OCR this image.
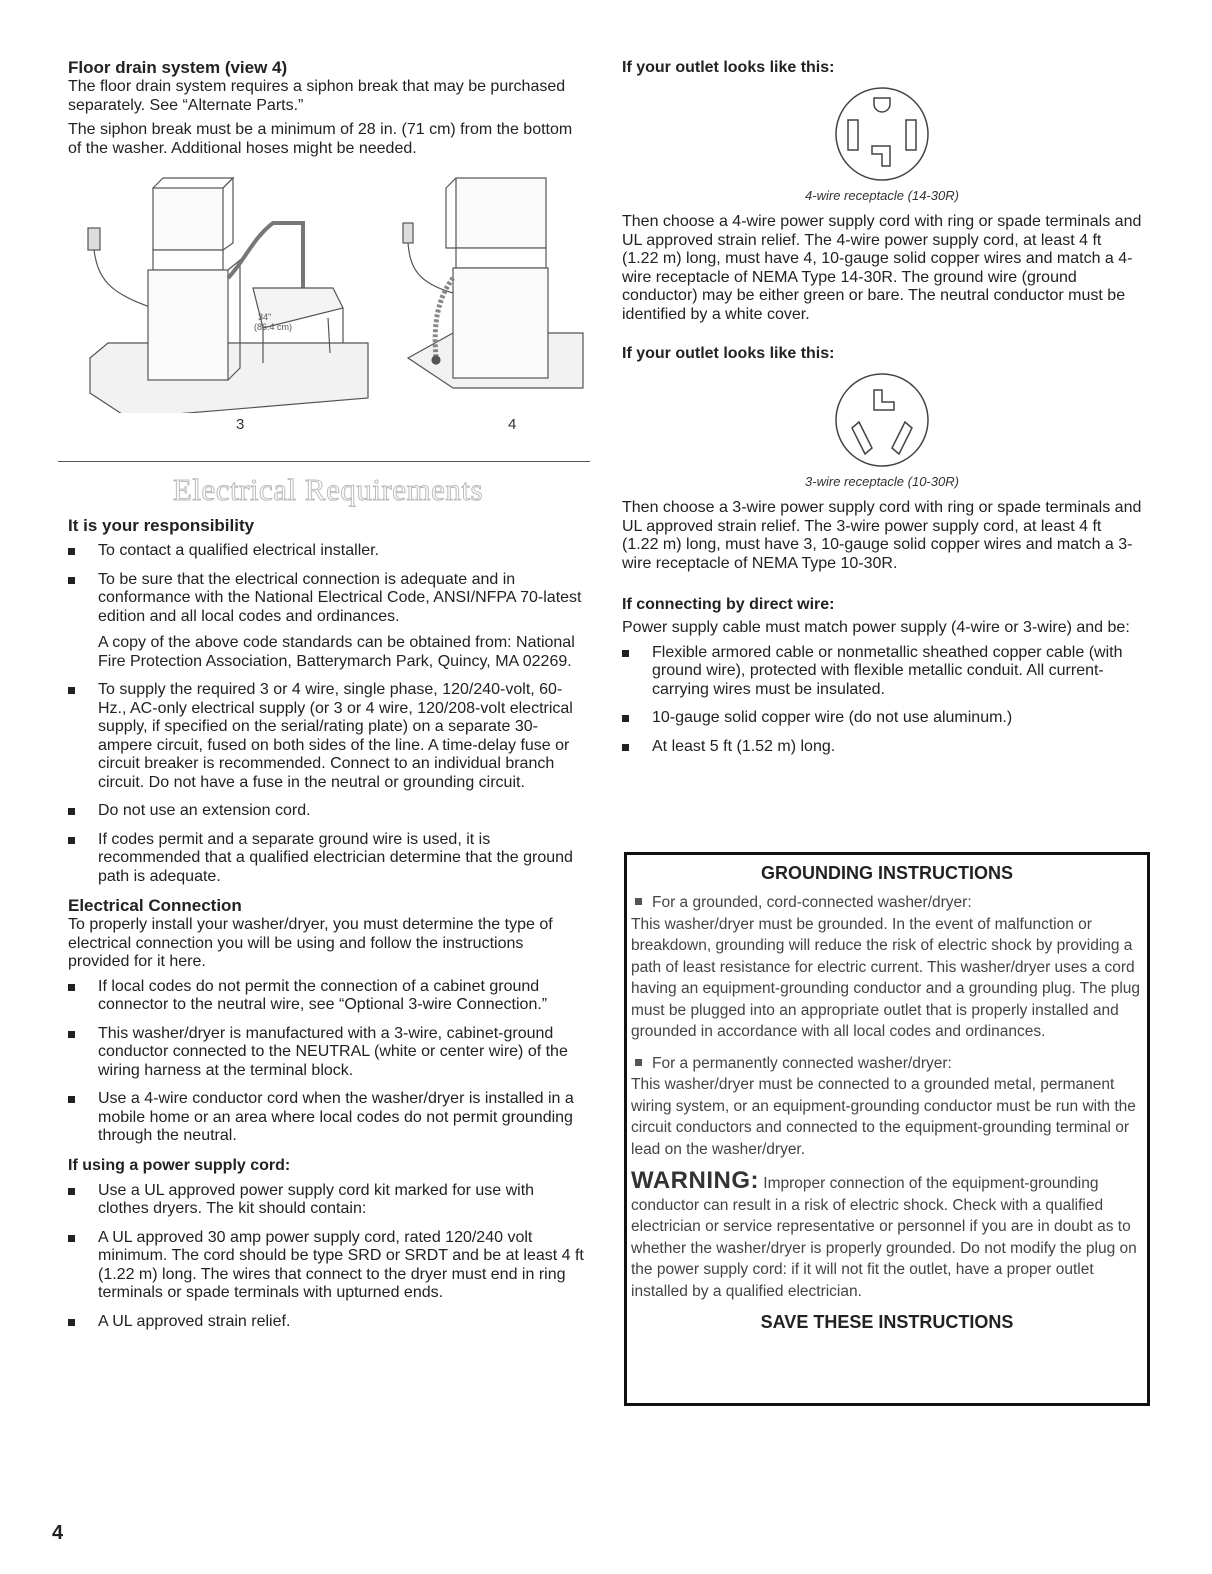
Floor drain system (view 4)

The floor drain system requires a siphon break that may be purchased separately. See “Alternate Parts.”

The siphon break must be a minimum of 28 in. (71 cm) from the bottom of the washer. Additional hoses might be needed.

34"
(86.4 cm)
3	4
Electrical Requirements

It is your responsibility

To contact a qualified electrical installer.
To be sure that the electrical connection is adequate and in conformance with the National Electrical Code, ANSI/NFPA 70-latest edition and all local codes and ordinances.

A copy of the above code standards can be obtained from: National Fire Protection Association, Batterymarch Park, Quincy, MA 02269.

To supply the required 3 or 4 wire, single phase, 120/240-volt, 60-Hz., AC-only electrical supply (or 3 or 4 wire, 120/208-volt electrical supply, if specified on the serial/rating plate) on a separate 30-ampere circuit, fused on both sides of the line. A time-delay fuse or circuit breaker is recommended. Connect to an individual branch circuit. Do not have a fuse in the neutral or grounding circuit.
Do not use an extension cord.
If codes permit and a separate ground wire is used, it is recommended that a qualified electrician determine that the ground path is adequate.

Electrical Connection

To properly install your washer/dryer, you must determine the type of electrical connection you will be using and follow the instructions provided for it here.

If local codes do not permit the connection of a cabinet ground connector to the neutral wire, see “Optional 3-wire Connection.”
This washer/dryer is manufactured with a 3-wire, cabinet-ground conductor connected to the NEUTRAL (white or center wire) of the wiring harness at the terminal block.
Use a 4-wire conductor cord when the washer/dryer is installed in a mobile home or an area where local codes do not permit grounding through the neutral.

If using a power supply cord:

Use a UL approved power supply cord kit marked for use with clothes dryers. The kit should contain:
A UL approved 30 amp power supply cord, rated 120/240 volt minimum. The cord should be type SRD or SRDT and be at least 4 ft (1.22 m) long. The wires that connect to the dryer must end in ring terminals or spade terminals with upturned ends.
A UL approved strain relief.

If your outlet looks like this:

4-wire receptacle (14-30R)

Then choose a 4-wire power supply cord with ring or spade terminals and UL approved strain relief. The 4-wire power supply cord, at least 4 ft (1.22 m) long, must have 4, 10-gauge solid copper wires and match a 4-wire receptacle of NEMA Type 14-30R. The ground wire (ground conductor) may be either green or bare. The neutral conductor must be identified by a white cover.

If your outlet looks like this:

3-wire receptacle (10-30R)

Then choose a 3-wire power supply cord with ring or spade terminals and UL approved strain relief. The 3-wire power supply cord, at least 4 ft (1.22 m) long, must have 3, 10-gauge solid copper wires and match a 3-wire receptacle of NEMA Type 10-30R.

If connecting by direct wire:

Power supply cable must match power supply (4-wire or 3-wire) and be:

Flexible armored cable or nonmetallic sheathed copper cable (with ground wire), protected with flexible metallic conduit. All current-carrying wires must be insulated.
10-gauge solid copper wire (do not use aluminum.)
At least 5 ft (1.52 m) long.
GROUNDING INSTRUCTIONS

For a grounded, cord-connected washer/dryer:
This washer/dryer must be grounded. In the event of malfunction or breakdown, grounding will reduce the risk of electric shock by providing a path of least resistance for electric current. This washer/dryer uses a cord having an equipment-grounding conductor and a grounding plug. The plug must be plugged into an appropriate outlet that is properly installed and grounded in accordance with all local codes and ordinances.

For a permanently connected washer/dryer:
This washer/dryer must be connected to a grounded metal, permanent wiring system, or an equipment-grounding conductor must be run with the circuit conductors and connected to the equipment-grounding terminal or lead on the washer/dryer.

WARNING: Improper connection of the equipment-grounding conductor can result in a risk of electric shock. Check with a qualified electrician or service representative or personnel if you are in doubt as to whether the washer/dryer is properly grounded. Do not modify the plug on the power supply cord: if it will not fit the outlet, have a proper outlet installed by a qualified electrician.

SAVE THESE INSTRUCTIONS
4
